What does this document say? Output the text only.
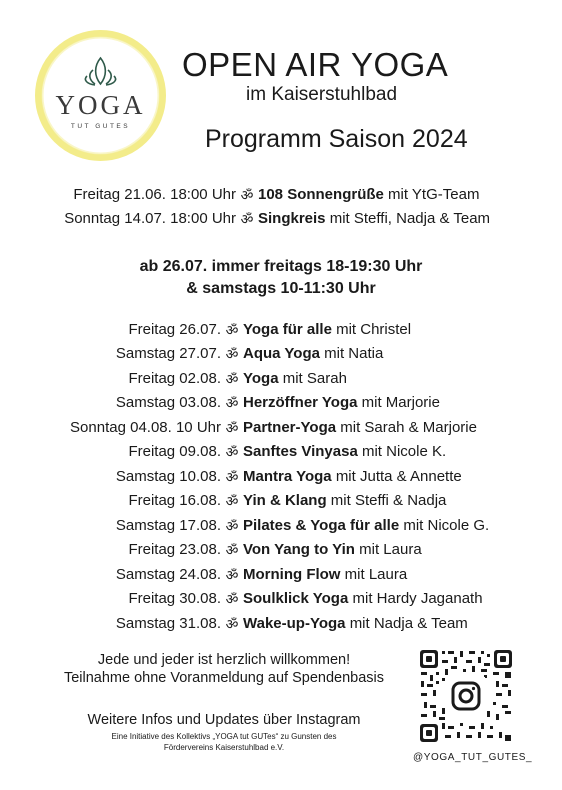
YOGA
TUT GUTES
OPEN AIR YOGA
im Kaiserstuhlbad
Programm Saison 2024
Freitag 21.06. 18:00 Uhr ॐ 108 Sonnengrüße mit YtG-Team
Sonntag 14.07. 18:00 Uhr ॐ Singkreis mit Steffi, Nadja & Team
ab 26.07. immer freitags 18-19:30 Uhr
& samstags 10-11:30 Uhr
Freitag 26.07. ॐ Yoga für alle mit Christel
Samstag 27.07. ॐ Aqua Yoga mit Natia
Freitag 02.08. ॐ Yoga mit Sarah
Samstag 03.08. ॐ Herzöffner Yoga mit Marjorie
Sonntag 04.08. 10 Uhr ॐ Partner-Yoga mit Sarah & Marjorie
Freitag 09.08. ॐ Sanftes Vinyasa mit Nicole K.
Samstag 10.08. ॐ Mantra Yoga mit Jutta & Annette
Freitag 16.08. ॐ Yin & Klang mit Steffi & Nadja
Samstag 17.08. ॐ Pilates & Yoga für alle mit Nicole G.
Freitag 23.08. ॐ Von Yang to Yin mit Laura
Samstag 24.08. ॐ Morning Flow mit Laura
Freitag 30.08. ॐ Soulklick Yoga mit Hardy Jaganath
Samstag 31.08. ॐ Wake-up-Yoga mit Nadja & Team
Jede und jeder ist herzlich willkommen!
Teilnahme ohne Voranmeldung auf Spendenbasis
Weitere Infos und Updates über Instagram
Eine Initiative des Kollektivs „YOGA tut GUTes“ zu Gunsten des
Fördervereins Kaiserstuhlbad e.V.
@YOGA_TUT_GUTES_
